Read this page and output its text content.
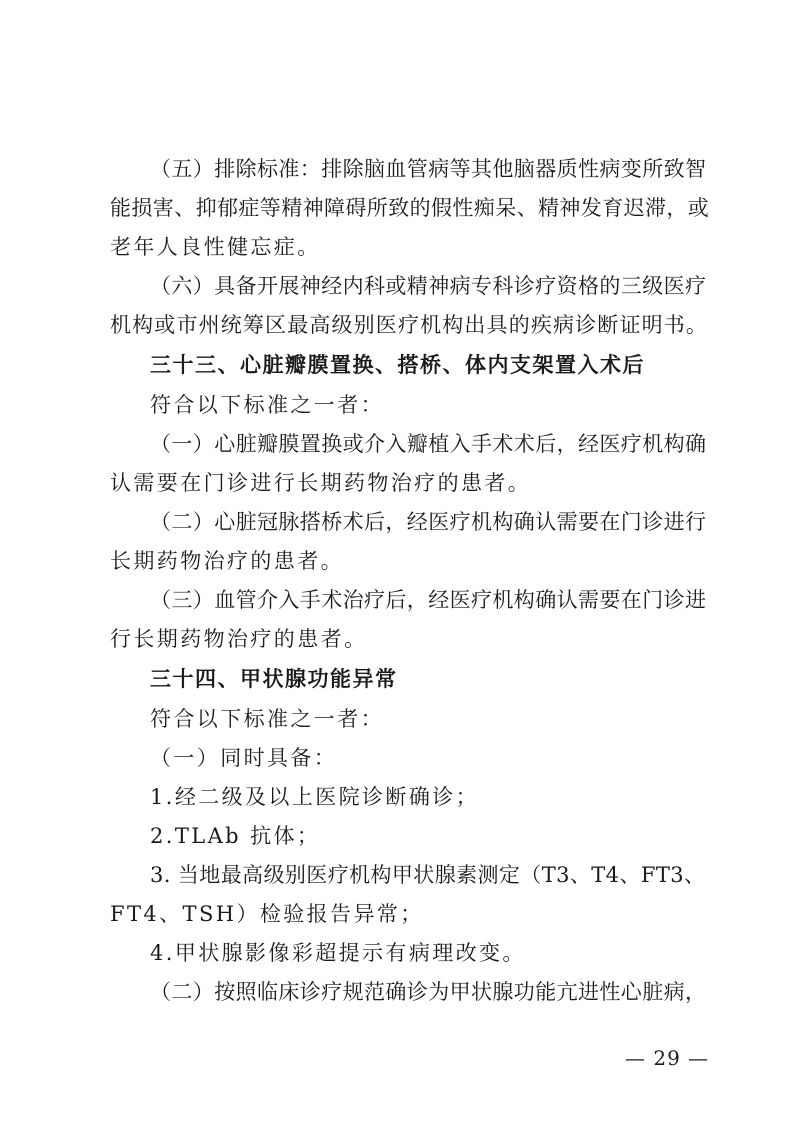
（五）排除标准：排除脑血管病等其他脑器质性病变所致智
能损害、抑郁症等精神障碍所致的假性痴呆、精神发育迟滞，或
老年人良性健忘症。
（六）具备开展神经内科或精神病专科诊疗资格的三级医疗
机构或市州统筹区最高级别医疗机构出具的疾病诊断证明书。
三十三、心脏瓣膜置换、搭桥、体内支架置入术后
符合以下标准之一者：
（一）心脏瓣膜置换或介入瓣植入手术术后，经医疗机构确
认需要在门诊进行长期药物治疗的患者。
（二）心脏冠脉搭桥术后，经医疗机构确认需要在门诊进行
长期药物治疗的患者。
（三）血管介入手术治疗后，经医疗机构确认需要在门诊进
行长期药物治疗的患者。
三十四、甲状腺功能异常
符合以下标准之一者：
（一）同时具备：
1.经二级及以上医院诊断确诊；
2.TLAb 抗体；
3. 当地最高级别医疗机构甲状腺素测定（T3、T4、FT3、
FT4、TSH）检验报告异常；
4.甲状腺影像彩超提示有病理改变。
（二）按照临床诊疗规范确诊为甲状腺功能亢进性心脏病，
— 29 —
